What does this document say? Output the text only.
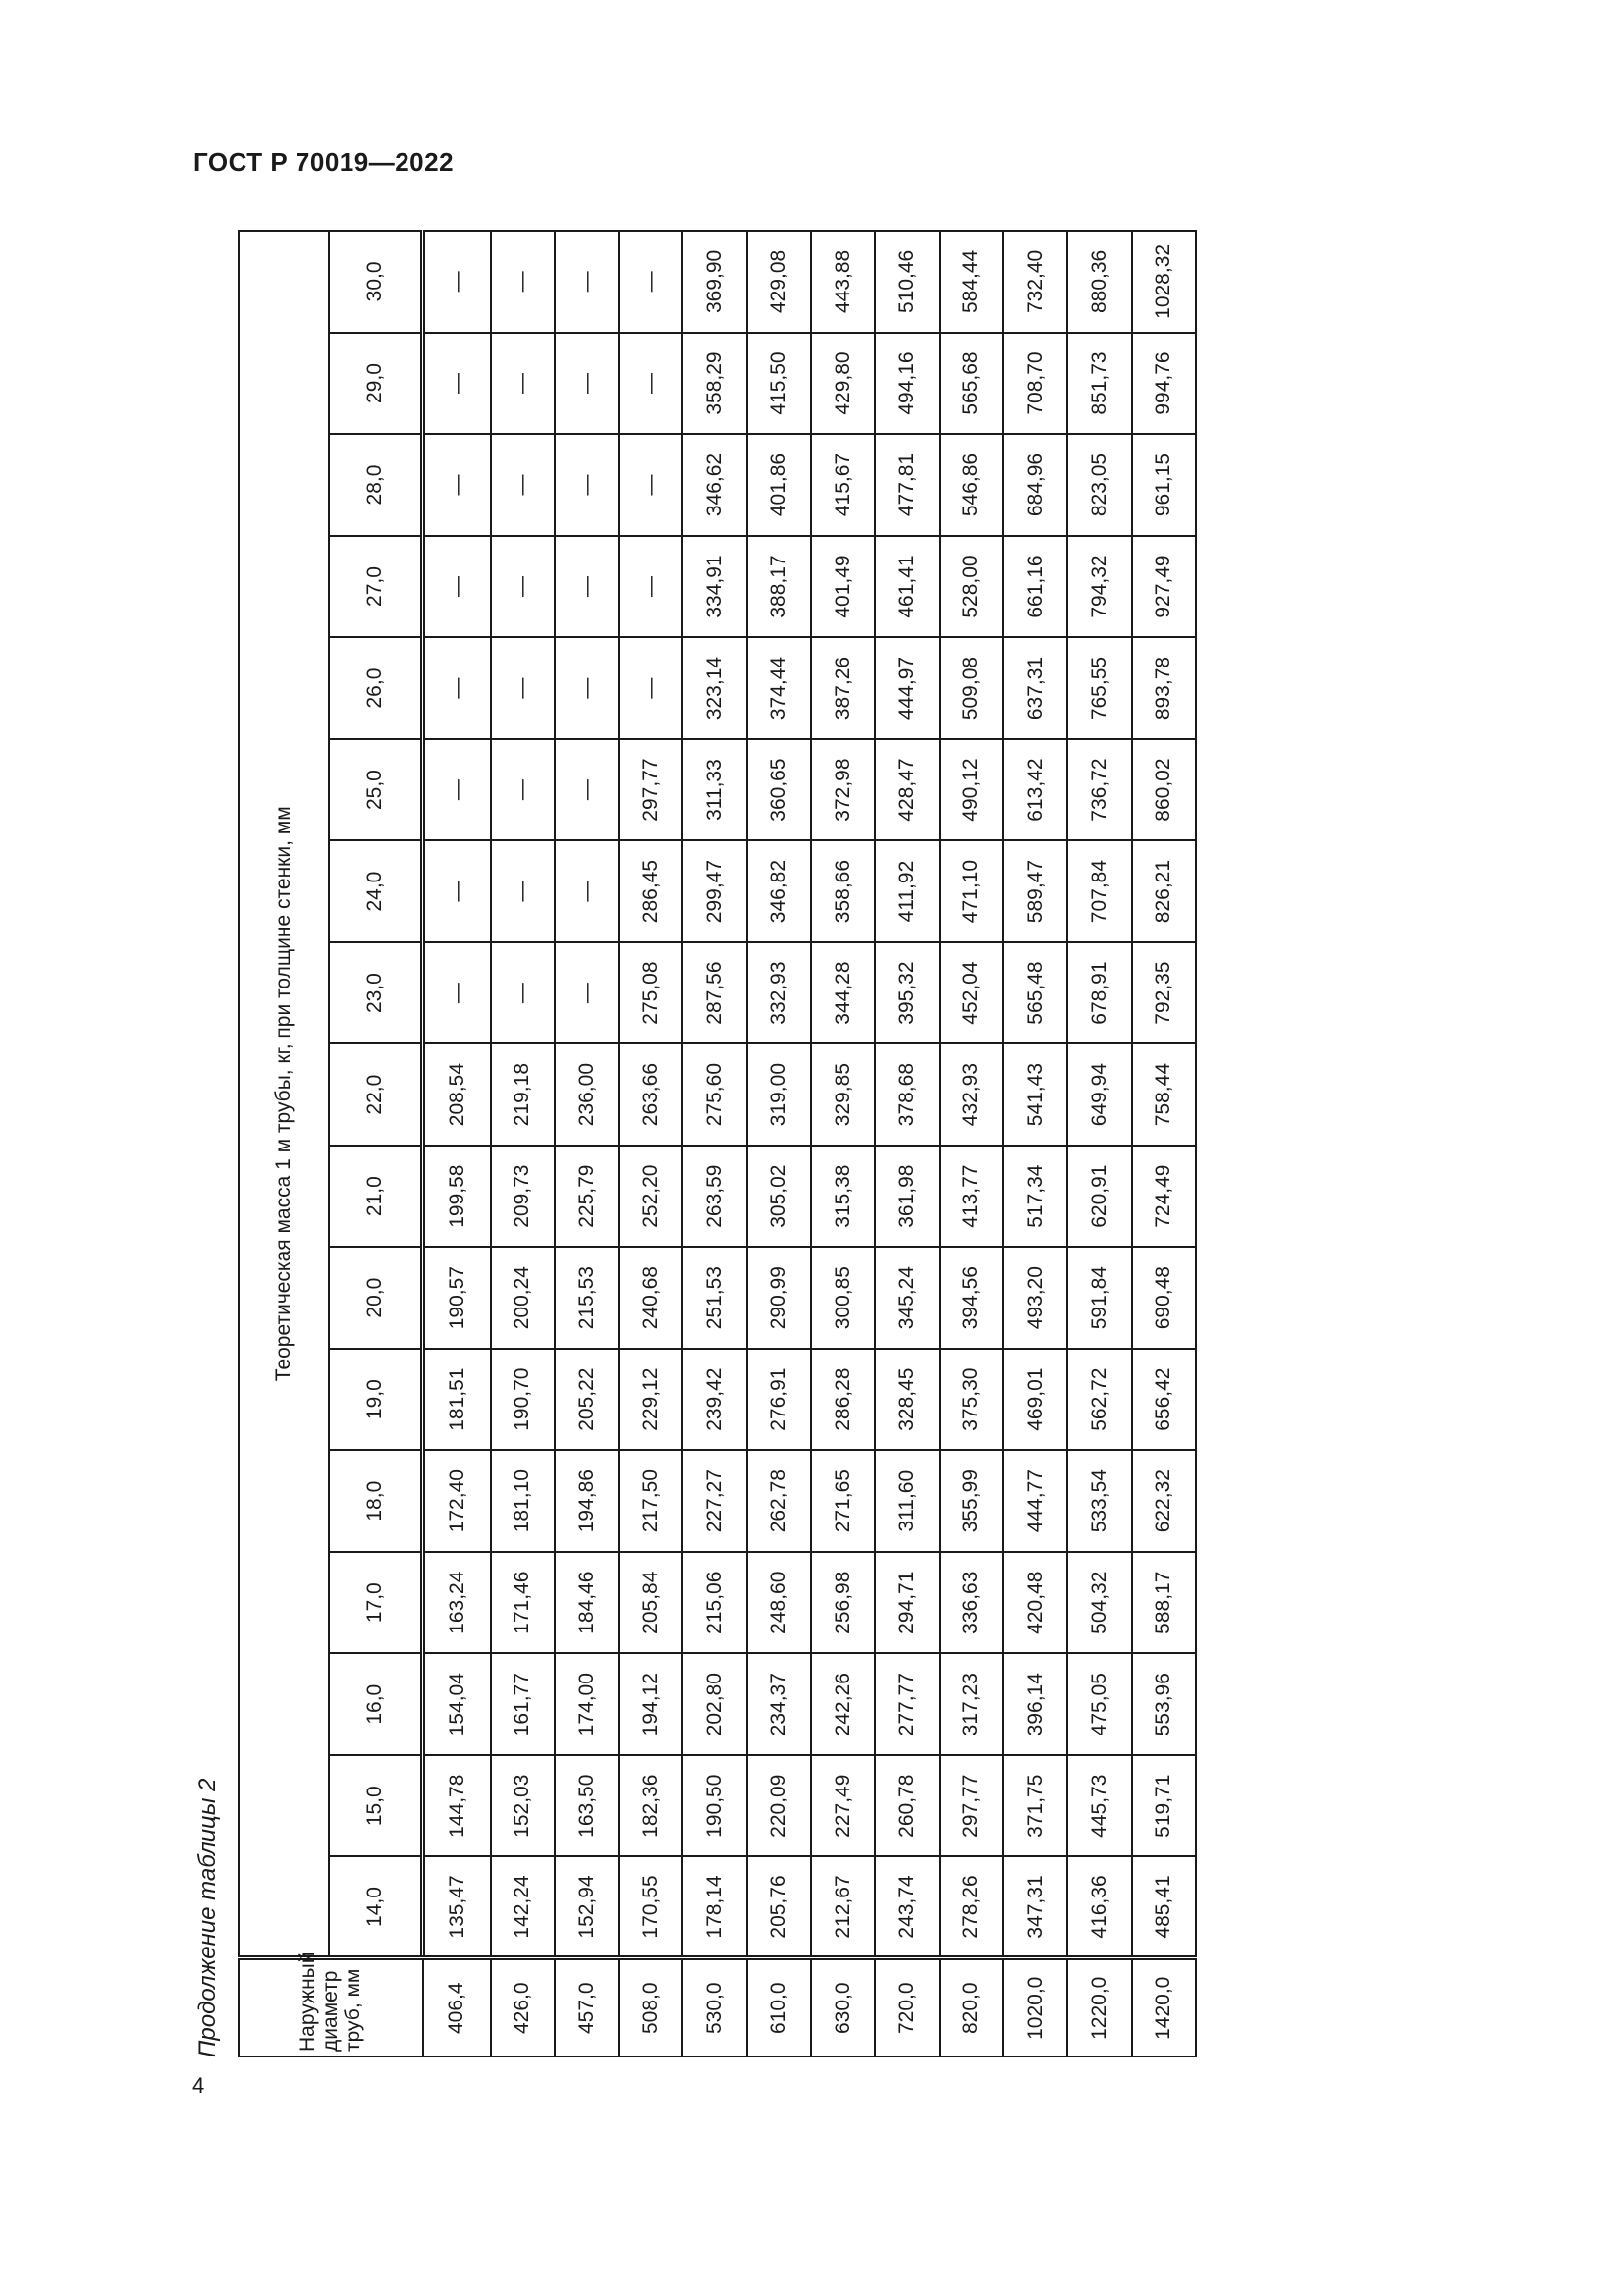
ГОСТ Р 70019—2022
Продолжение таблицы 2	Наружный диаметр труб, мм	Теоретическая масса 1 м трубы, кг, при толщине стенки, мм																
	14,0	15,0	16,0	17,0	18,0	19,0	20,0	21,0	22,0	23,0	24,0	25,0	26,0	27,0	28,0	29,0	30,0
406,4	135,47	144,78	154,04	163,24	172,40	181,51	190,57	199,58	208,54	—	—	—	—	—	—	—	—
426,0	142,24	152,03	161,77	171,46	181,10	190,70	200,24	209,73	219,18	—	—	—	—	—	—	—	—
457,0	152,94	163,50	174,00	184,46	194,86	205,22	215,53	225,79	236,00	—	—	—	—	—	—	—	—
508,0	170,55	182,36	194,12	205,84	217,50	229,12	240,68	252,20	263,66	275,08	286,45	297,77	—	—	—	—	—
530,0	178,14	190,50	202,80	215,06	227,27	239,42	251,53	263,59	275,60	287,56	299,47	311,33	323,14	334,91	346,62	358,29	369,90
610,0	205,76	220,09	234,37	248,60	262,78	276,91	290,99	305,02	319,00	332,93	346,82	360,65	374,44	388,17	401,86	415,50	429,08
630,0	212,67	227,49	242,26	256,98	271,65	286,28	300,85	315,38	329,85	344,28	358,66	372,98	387,26	401,49	415,67	429,80	443,88
720,0	243,74	260,78	277,77	294,71	311,60	328,45	345,24	361,98	378,68	395,32	411,92	428,47	444,97	461,41	477,81	494,16	510,46
820,0	278,26	297,77	317,23	336,63	355,99	375,30	394,56	413,77	432,93	452,04	471,10	490,12	509,08	528,00	546,86	565,68	584,44
1020,0	347,31	371,75	396,14	420,48	444,77	469,01	493,20	517,34	541,43	565,48	589,47	613,42	637,31	661,16	684,96	708,70	732,40
1220,0	416,36	445,73	475,05	504,32	533,54	562,72	591,84	620,91	649,94	678,91	707,84	736,72	765,55	794,32	823,05	851,73	880,36
1420,0	485,41	519,71	553,96	588,17	622,32	656,42	690,48	724,49	758,44	792,35	826,21	860,02	893,78	927,49	961,15	994,76	1028,32
4
